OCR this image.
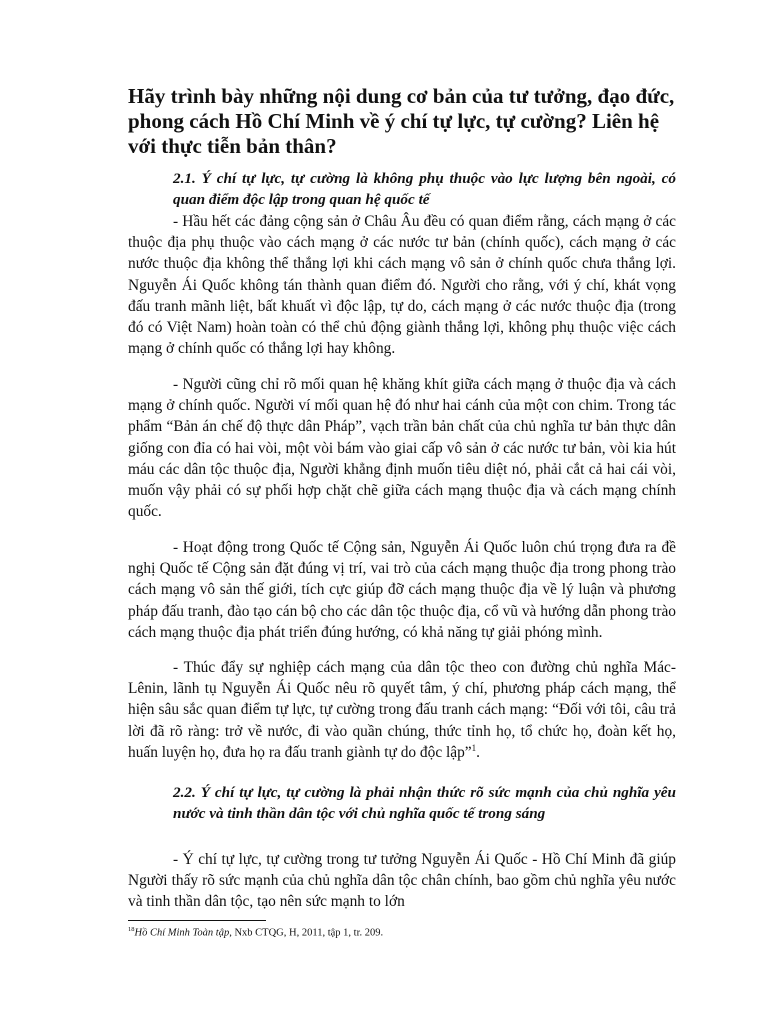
Hãy trình bày những nội dung cơ bản của tư tưởng, đạo đức, phong cách Hồ Chí Minh về ý chí tự lực, tự cường? Liên hệ với thực tiễn bản thân?
2.1. Ý chí tự lực, tự cường là không phụ thuộc vào lực lượng bên ngoài, có quan điểm độc lập trong quan hệ quốc tế

- Hầu hết các đảng cộng sản ở Châu Âu đều có quan điểm rằng, cách mạng ở các thuộc địa phụ thuộc vào cách mạng ở các nước tư bản (chính quốc), cách mạng ở các nước thuộc địa không thể thắng lợi khi cách mạng vô sản ở chính quốc chưa thắng lợi. Nguyễn Ái Quốc không tán thành quan điểm đó. Người cho rằng, với ý chí, khát vọng đấu tranh mãnh liệt, bất khuất vì độc lập, tự do, cách mạng ở các nước thuộc địa (trong đó có Việt Nam) hoàn toàn có thể chủ động giành thắng lợi, không phụ thuộc việc cách mạng ở chính quốc có thắng lợi hay không.

- Người cũng chỉ rõ mối quan hệ khăng khít giữa cách mạng ở thuộc địa và cách mạng ở chính quốc. Người ví mối quan hệ đó như hai cánh của một con chim. Trong tác phẩm “Bản án chế độ thực dân Pháp”, vạch trần bản chất của chủ nghĩa tư bản thực dân giống con đỉa có hai vòi, một vòi bám vào giai cấp vô sản ở các nước tư bản, vòi kia hút máu các dân tộc thuộc địa, Người khẳng định muốn tiêu diệt nó, phải cắt cả hai cái vòi, muốn vậy phải có sự phối hợp chặt chẽ giữa cách mạng thuộc địa và cách mạng chính quốc.

- Hoạt động trong Quốc tế Cộng sản, Nguyễn Ái Quốc luôn chú trọng đưa ra đề nghị Quốc tế Cộng sản đặt đúng vị trí, vai trò của cách mạng thuộc địa trong phong trào cách mạng vô sản thế giới, tích cực giúp đỡ cách mạng thuộc địa về lý luận và phương pháp đấu tranh, đào tạo cán bộ cho các dân tộc thuộc địa, cổ vũ và hướng dẫn phong trào cách mạng thuộc địa phát triển đúng hướng, có khả năng tự giải phóng mình.

- Thúc đẩy sự nghiệp cách mạng của dân tộc theo con đường chủ nghĩa Mác- Lênin, lãnh tụ Nguyễn Ái Quốc nêu rõ quyết tâm, ý chí, phương pháp cách mạng, thể hiện sâu sắc quan điểm tự lực, tự cường trong đấu tranh cách mạng: “Đối với tôi, câu trả lời đã rõ ràng: trở về nước, đi vào quần chúng, thức tỉnh họ, tổ chức họ, đoàn kết họ, huấn luyện họ, đưa họ ra đấu tranh giành tự do độc lập”$^1$.

2.2. Ý chí tự lực, tự cường là phải nhận thức rõ sức mạnh của chủ nghĩa yêu nước và tinh thần dân tộc với chủ nghĩa quốc tế trong sáng

- Ý chí tự lực, tự cường trong tư tưởng Nguyễn Ái Quốc - Hồ Chí Minh đã giúp Người thấy rõ sức mạnh của chủ nghĩa dân tộc chân chính, bao gồm chủ nghĩa yêu nước và tinh thần dân tộc, tạo nên sức mạnh to lớn

$^{18}$Hồ Chí Minh Toàn tập, Nxb CTQG, H, 2011, tập 1, tr. 209.
